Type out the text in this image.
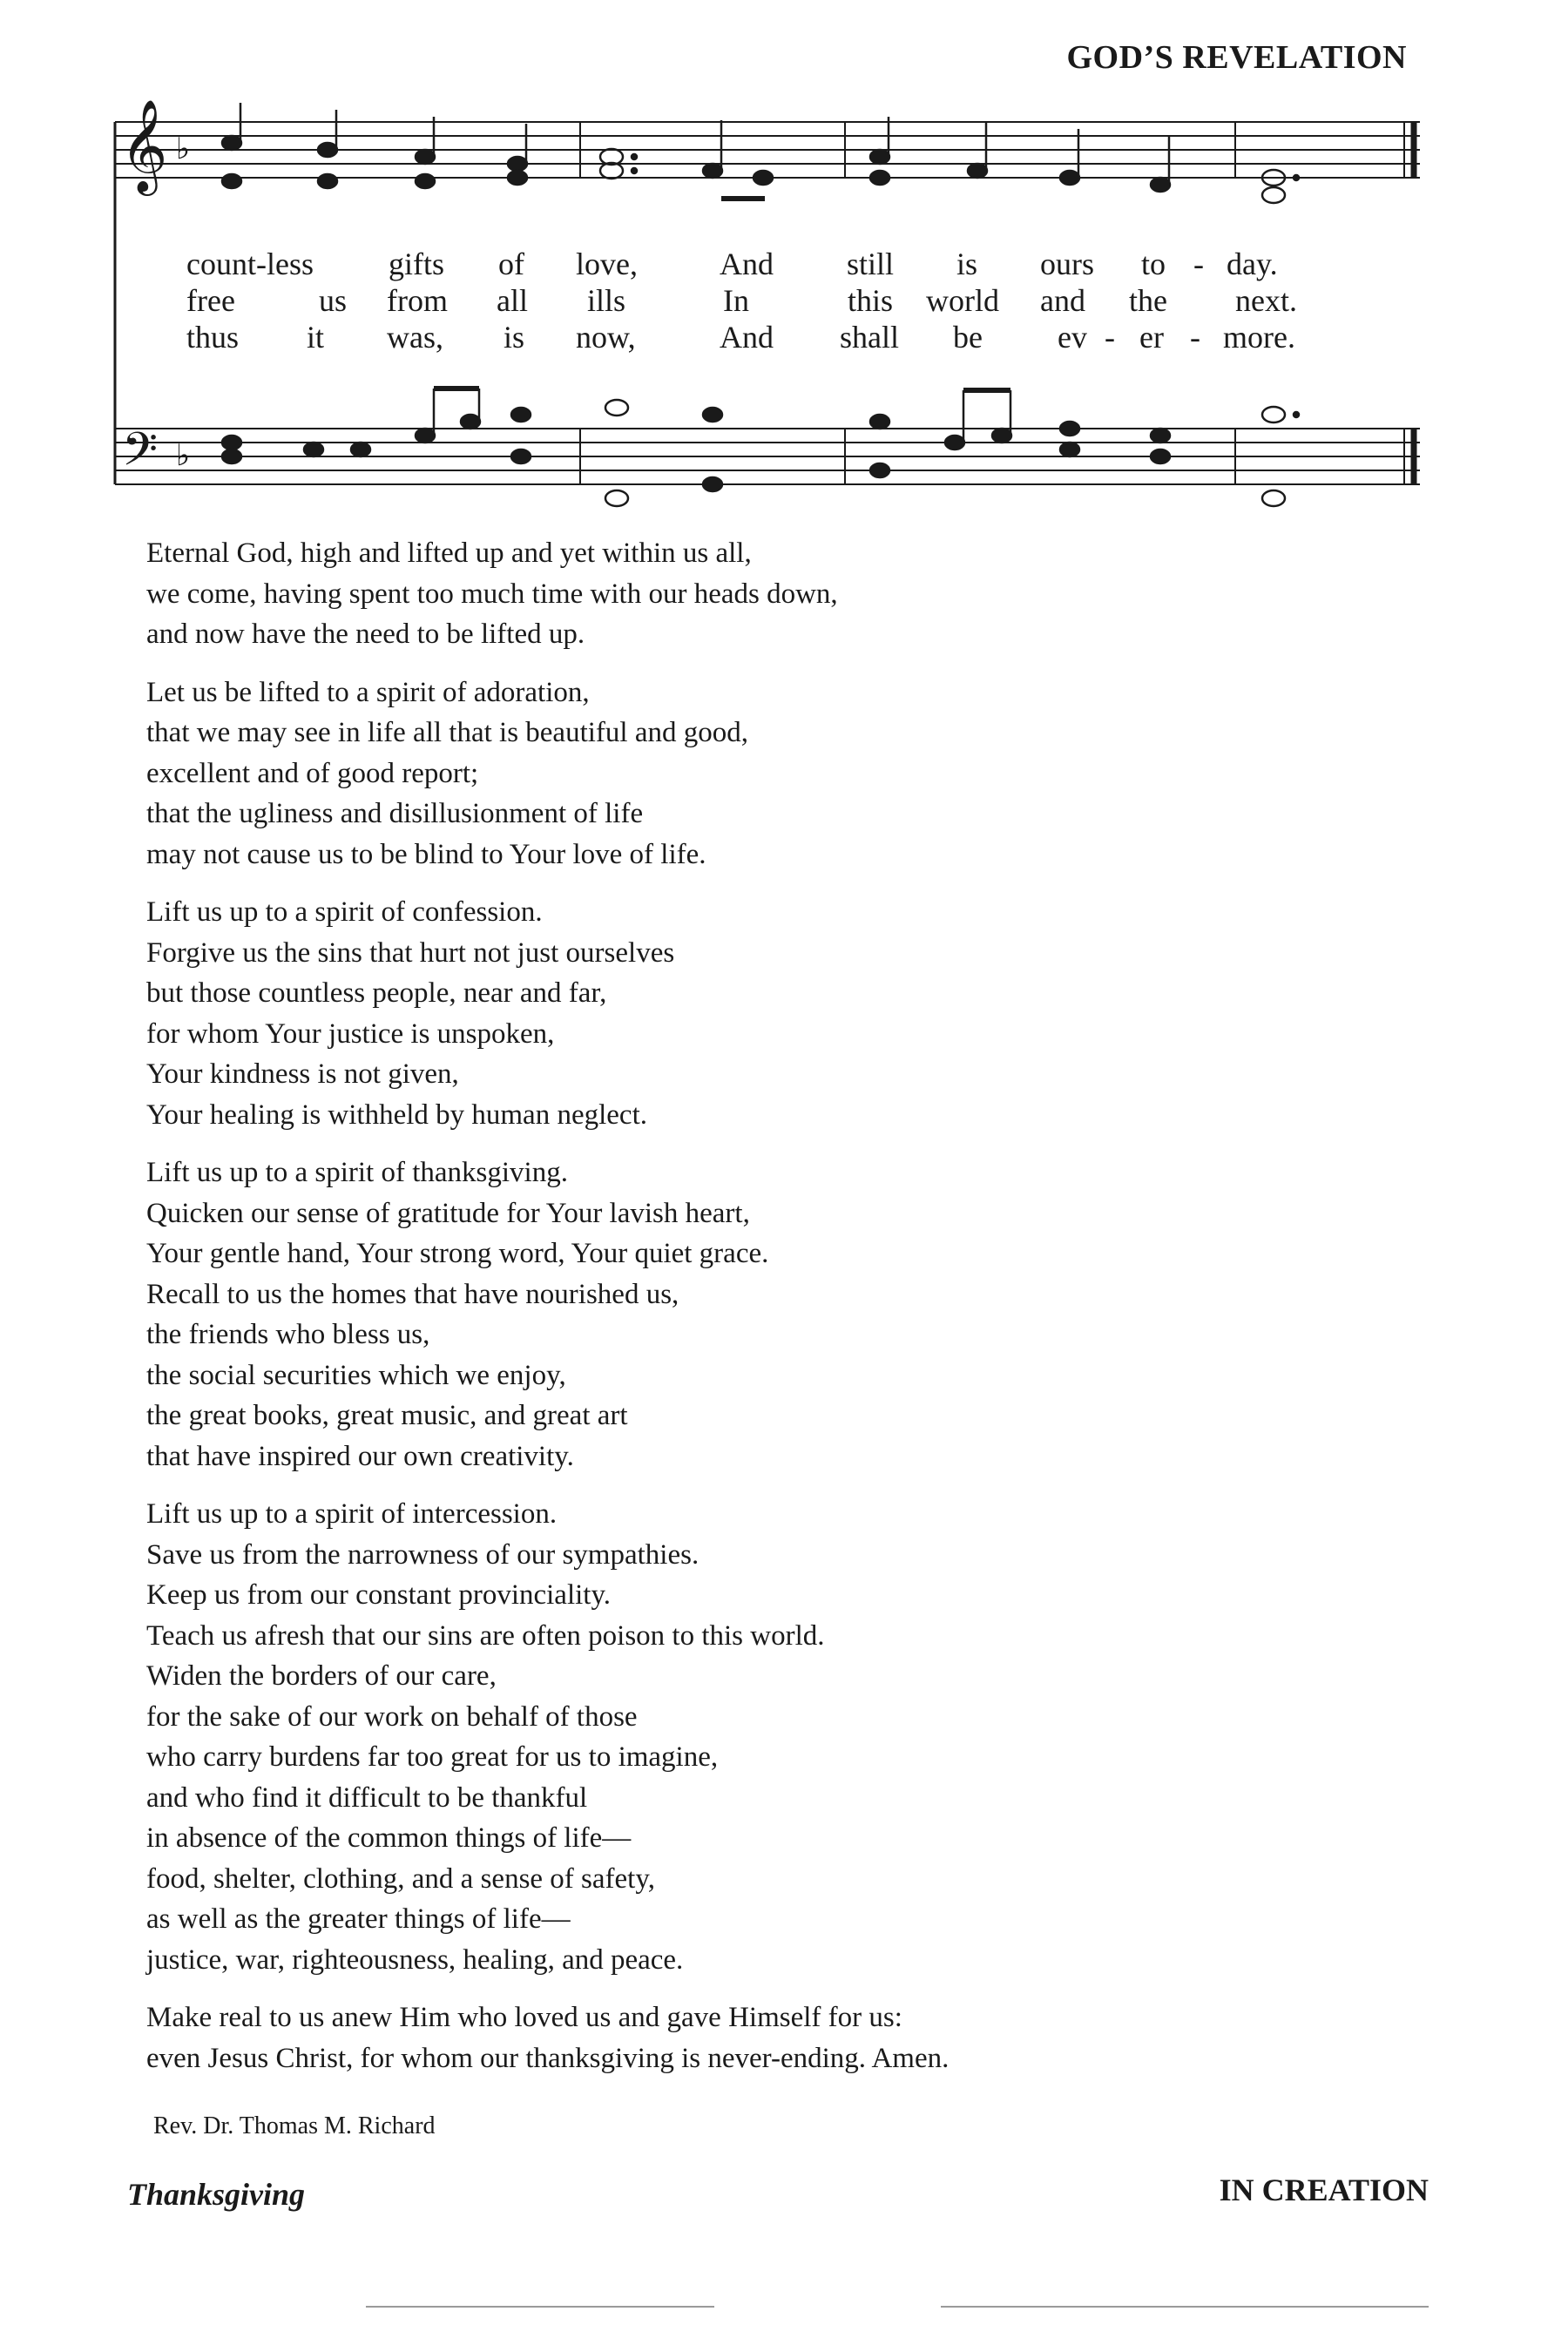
GOD’S REVELATION
𝄞
𝄢
♭
♭
count-less gifts of love,	And still is ours to - day.
free	us from all ills	In	this world and the next.
thus it was, is now,	And shall be ev - er - more.
Eternal God, high and lifted up and yet within us all,
we come, having spent too much time with our heads down,
and now have the need to be lifted up.
Let us be lifted to a spirit of adoration,
that we may see in life all that is beautiful and good,
excellent and of good report;
that the ugliness and disillusionment of life
may not cause us to be blind to Your love of life.
Lift us up to a spirit of confession.
Forgive us the sins that hurt not just ourselves
but those countless people, near and far,
for whom Your justice is unspoken,
Your kindness is not given,
Your healing is withheld by human neglect.
Lift us up to a spirit of thanksgiving.
Quicken our sense of gratitude for Your lavish heart,
Your gentle hand, Your strong word, Your quiet grace.
Recall to us the homes that have nourished us,
the friends who bless us,
the social securities which we enjoy,
the great books, great music, and great art
that have inspired our own creativity.
Lift us up to a spirit of intercession.
Save us from the narrowness of our sympathies.
Keep us from our constant provinciality.
Teach us afresh that our sins are often poison to this world.
Widen the borders of our care,
for the sake of our work on behalf of those
who carry burdens far too great for us to imagine,
and who find it difficult to be thankful
in absence of the common things of life—
food, shelter, clothing, and a sense of safety,
as well as the greater things of life—
justice, war, righteousness, healing, and peace.
Make real to us anew Him who loved us and gave Himself for us:
even Jesus Christ, for whom our thanksgiving is never-ending. Amen.
Rev. Dr. Thomas M. Richard
Thanksgiving	IN CREATION
